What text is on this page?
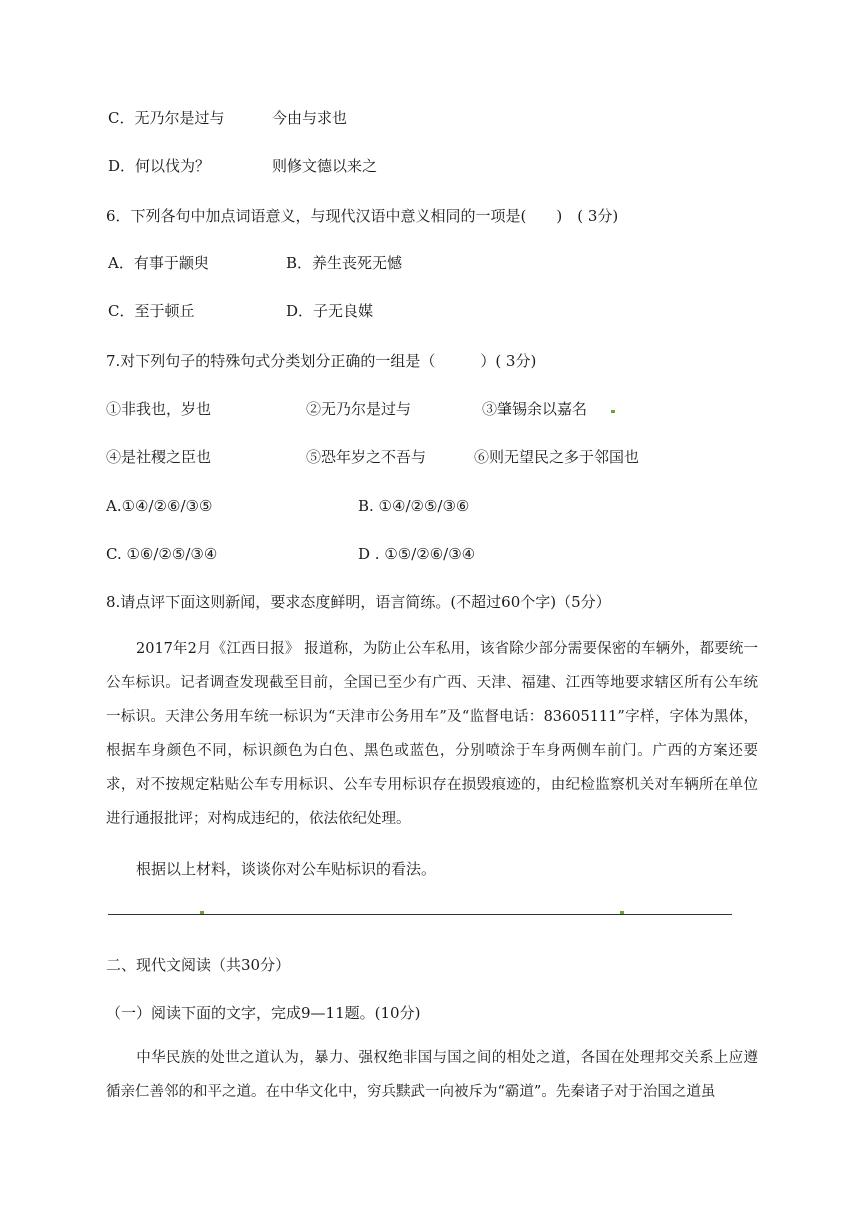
C．无乃尔是过与	今由与求也
D．何以伐为？	则修文德以来之
6．下列各句中加点词语意义，与现代汉语中意义相同的一项是(　　)　( 3分)
A．有事于颛臾	B．养生丧死无憾
C．至于顿丘	D．子无良媒
7.对下列句子的特殊句式分类划分正确的一组是（　　　）( 3分)
①非我也，岁也	②无乃尔是过与	③肇锡余以嘉名
④是社稷之臣也	⑤恐年岁之不吾与	⑥则无望民之多于邻国也
A.①④/②⑥/③⑤	B. ①④/②⑤/③⑥
C. ①⑥/②⑤/③④	D . ①⑤/②⑥/③④
8.请点评下面这则新闻，要求态度鲜明，语言简练。(不超过60个字)（5分）
2017年2月《江西日报》 报道称，为防止公车私用，该省除少部分需要保密的车辆外，都要统一公车标识。记者调查发现截至目前，全国已至少有广西、天津、福建、江西等地要求辖区所有公车统一标识。天津公务用车统一标识为“天津市公务用车”及“监督电话：83605111”字样，字体为黑体，根据车身颜色不同，标识颜色为白色、黑色或蓝色，分别喷涂于车身两侧车前门。广西的方案还要求，对不按规定粘贴公车专用标识、公车专用标识存在损毁痕迹的，由纪检监察机关对车辆所在单位进行通报批评；对构成违纪的，依法依纪处理。
根据以上材料，谈谈你对公车贴标识的看法。
二、现代文阅读（共30分）
（一）阅读下面的文字，完成9—11题。(10分)
中华民族的处世之道认为，暴力、强权绝非国与国之间的相处之道，各国在处理邦交关系上应遵循亲仁善邻的和平之道。在中华文化中，穷兵黩武一向被斥为“霸道”。先秦诸子对于治国之道虽
